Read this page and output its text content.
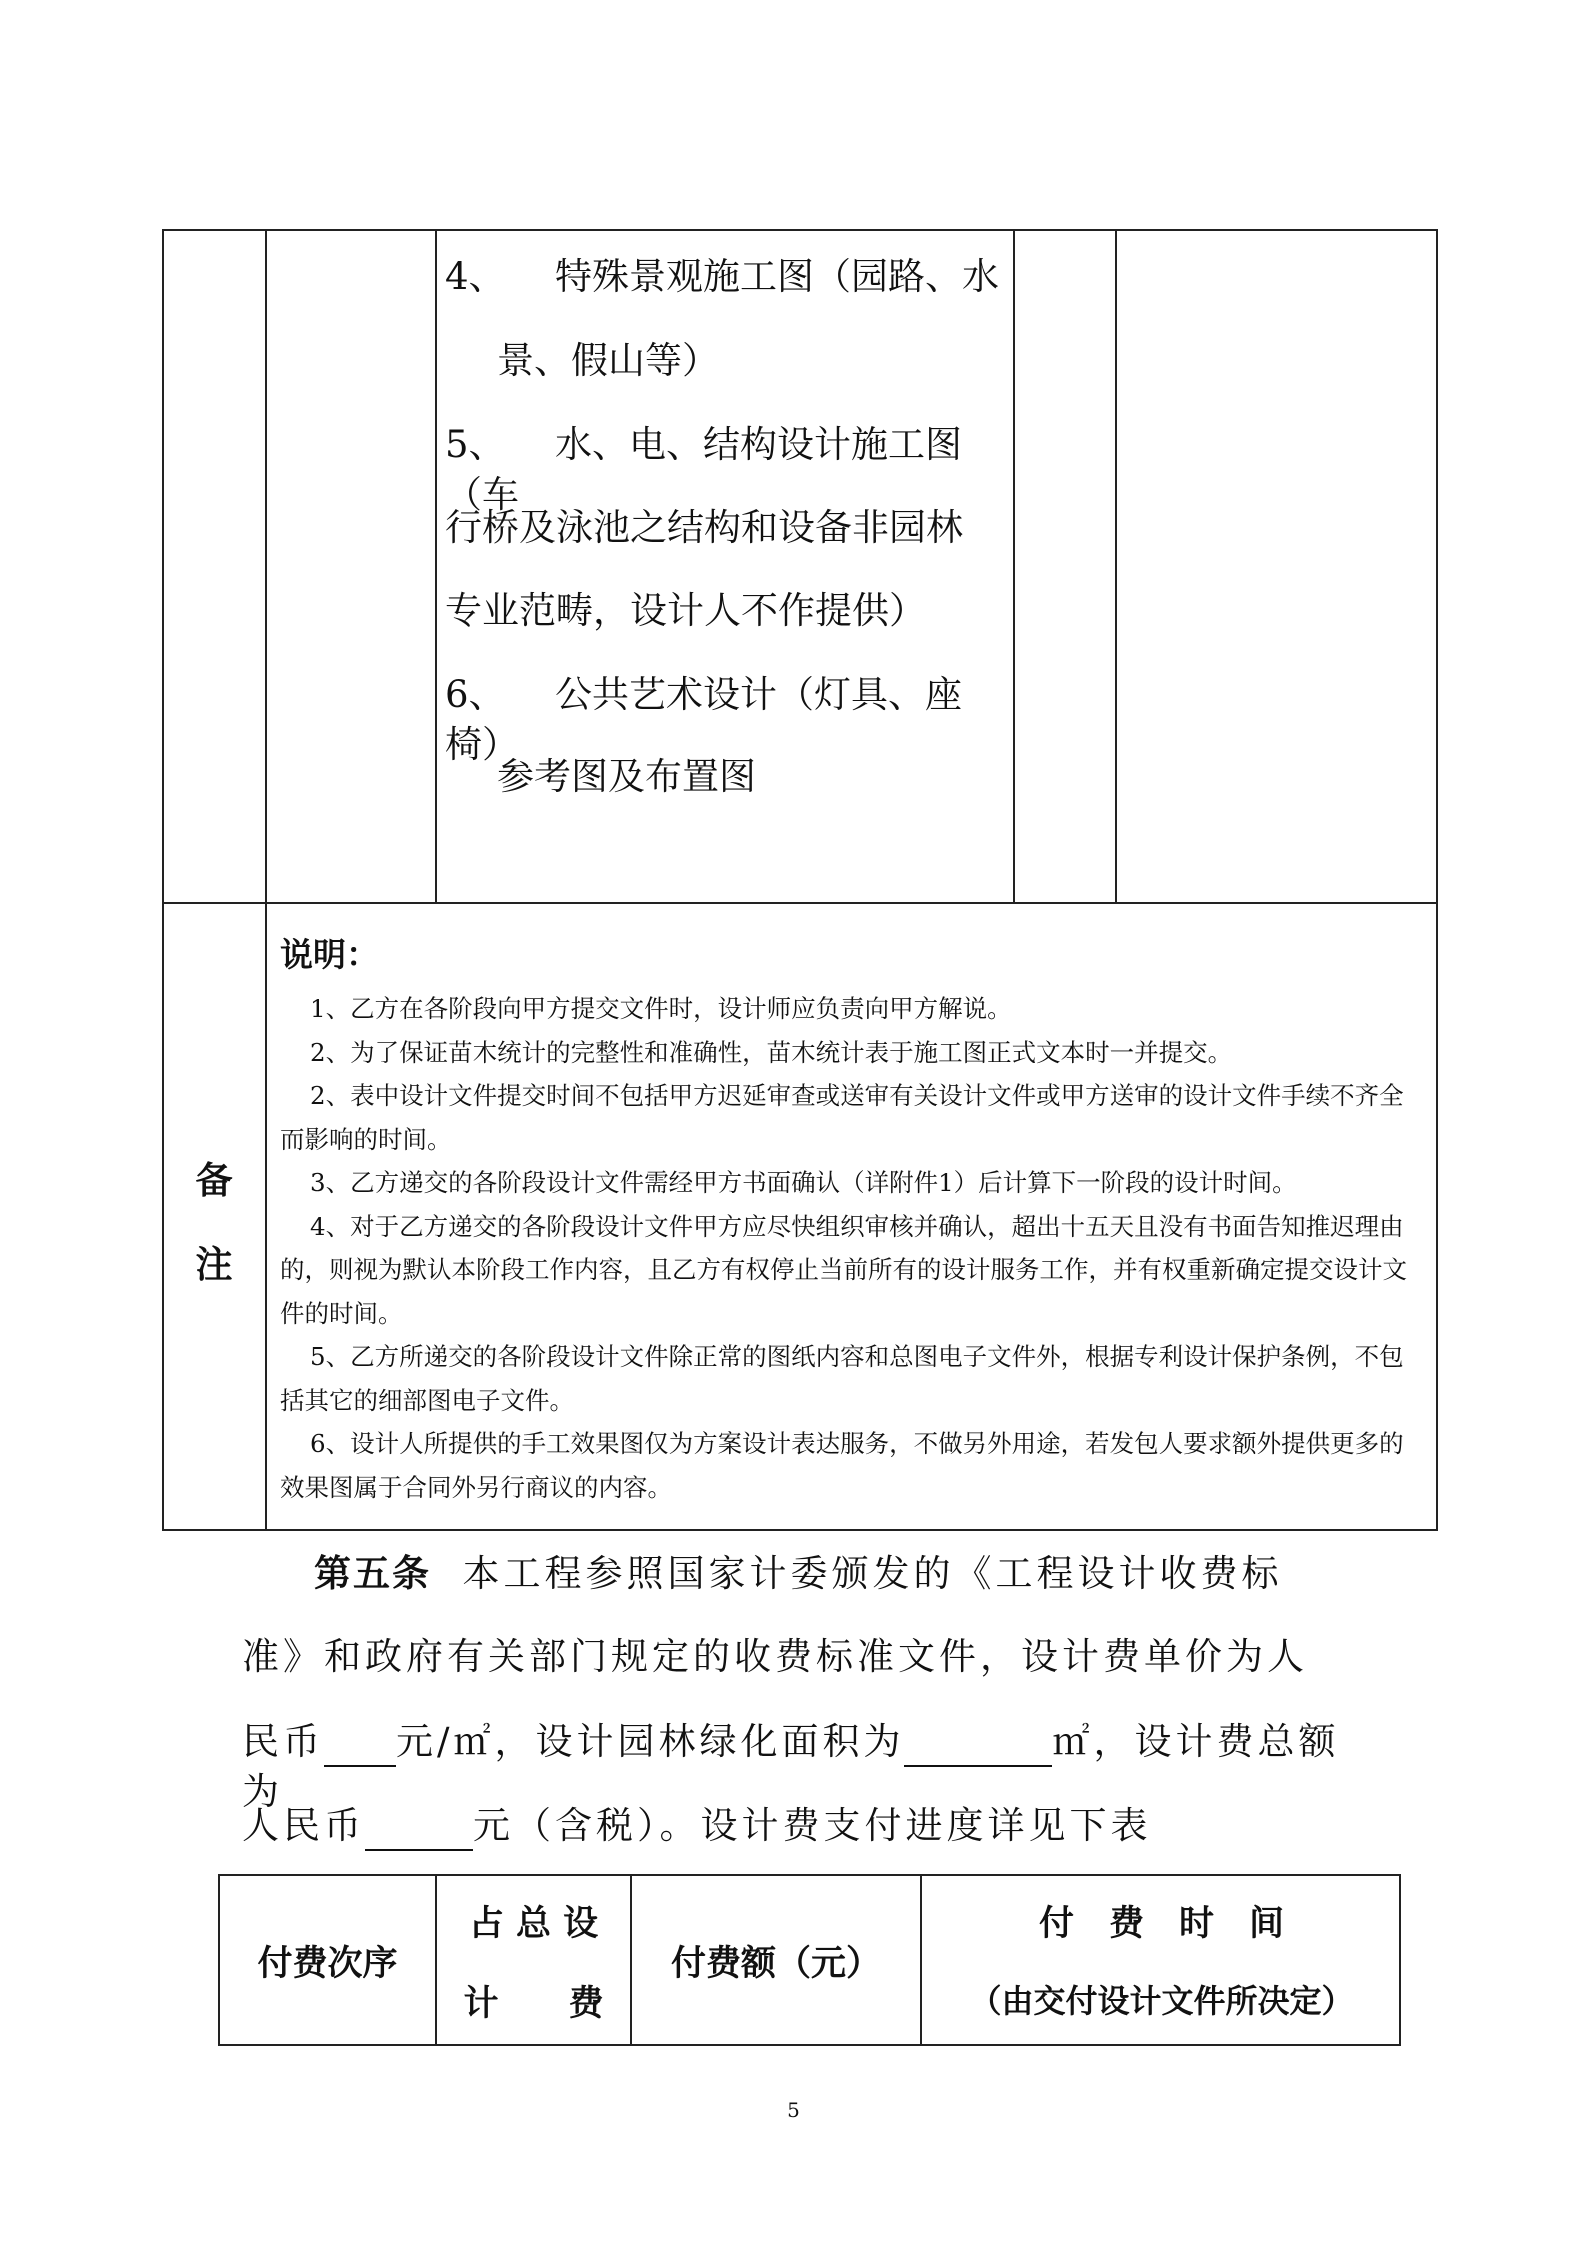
4、 特殊景观施工图（园路、水
景、假山等）
5、 水、电、结构设计施工图（车
行桥及泳池之结构和设备非园林
专业范畴，设计人不作提供）
6、 公共艺术设计（灯具、座椅）
参考图及布置图
备
注
说明：

1、乙方在各阶段向甲方提交文件时，设计师应负责向甲方解说。

2、为了保证苗木统计的完整性和准确性，苗木统计表于施工图正式文本时一并提交。

2、表中设计文件提交时间不包括甲方迟延审查或送审有关设计文件或甲方送审的设计文件手续不齐全而影响的时间。

3、乙方递交的各阶段设计文件需经甲方书面确认（详附件1）后计算下一阶段的设计时间。

4、对于乙方递交的各阶段设计文件甲方应尽快组织审核并确认，超出十五天且没有书面告知推迟理由的，则视为默认本阶段工作内容，且乙方有权停止当前所有的设计服务工作，并有权重新确定提交设计文件的时间。

5、乙方所递交的各阶段设计文件除正常的图纸内容和总图电子文件外，根据专利设计保护条例，不包括其它的细部图电子文件。

6、设计人所提供的手工效果图仅为方案设计表达服务，不做另外用途，若发包人要求额外提供更多的效果图属于合同外另行商议的内容。

第五条 本工程参照国家计委颁发的《工程设计收费标
准》和政府有关部门规定的收费标准文件，设计费单价为人
民币 元/㎡，设计园林绿化面积为	㎡，设计费总额为
人民币	元（含税）。设计费支付进度详见下表
付费次序
占 总 设
计　　费
付费额（元）
付　费　时　间
（由交付设计文件所决定）
5
